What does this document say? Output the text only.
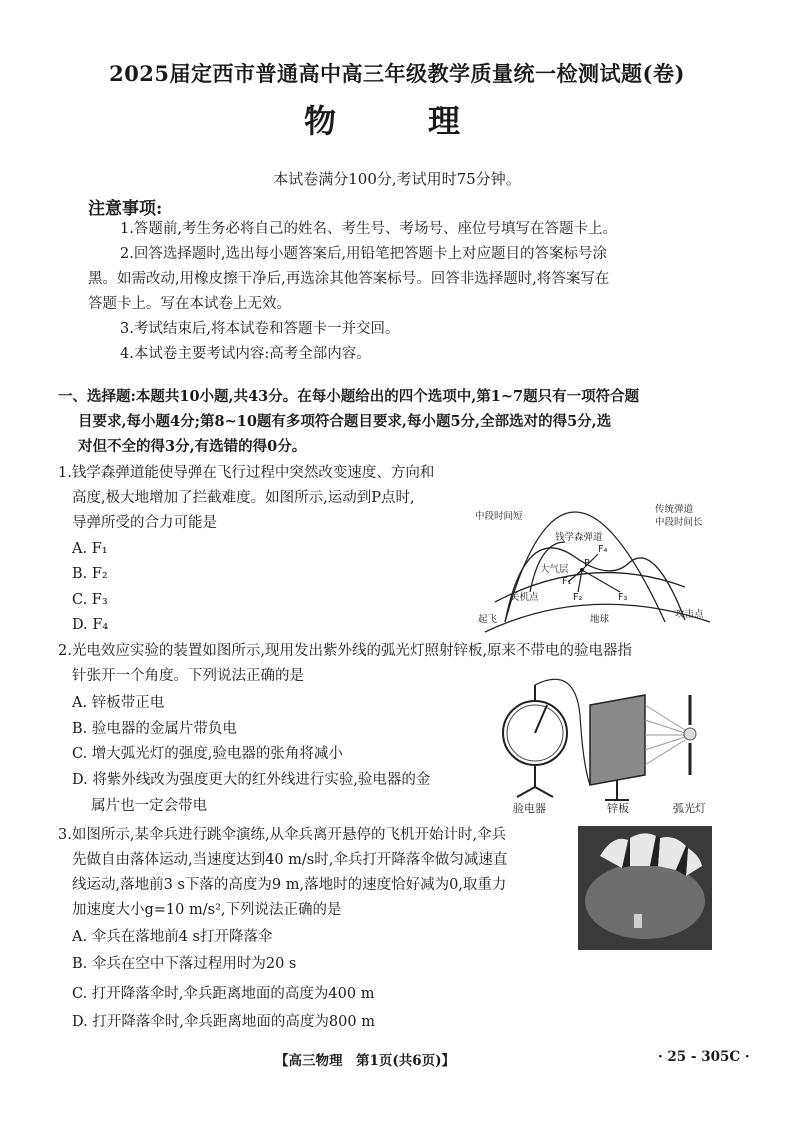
2025届定西市普通高中高三年级教学质量统一检测试题(卷)
物　理
本试卷满分100分,考试用时75分钟。
注意事项:
1.答题前,考生务必将自己的姓名、考生号、考场号、座位号填写在答题卡上。
2.回答选择题时,选出每小题答案后,用铅笔把答题卡上对应题目的答案标号涂
黑。如需改动,用橡皮擦干净后,再选涂其他答案标号。回答非选择题时,将答案写在
答题卡上。写在本试卷上无效。
3.考试结束后,将本试卷和答题卡一并交回。
4.本试卷主要考试内容:高考全部内容。
一、选择题:本题共10小题,共43分。在每小题给出的四个选项中,第1~7题只有一项符合题
目要求,每小题4分;第8~10题有多项符合题目要求,每小题5分,全部选对的得5分,选
对但不全的得3分,有选错的得0分。
1.钱学森弹道能使导弹在飞行过程中突然改变速度、方向和
高度,极大地增加了拦截难度。如图所示,运动到P点时,
导弹所受的合力可能是
A. F₁
B. F₂
C. F₃
D. F₄
中段时间短
传统弹道
中段时间长
钱学森弹道
大气层
起飞
关机点
地球	攻击点
P
F₁
F₂	F₃
F₄
2.光电效应实验的装置如图所示,现用发出紫外线的弧光灯照射锌板,原来不带电的验电器指
针张开一个角度。下列说法正确的是
A. 锌板带正电
B. 验电器的金属片带负电
C. 增大弧光灯的强度,验电器的张角将减小
D. 将紫外线改为强度更大的红外线进行实验,验电器的金
　 属片也一定会带电	验电器	锌板	弧光灯
3.如图所示,某伞兵进行跳伞演练,从伞兵离开悬停的飞机开始计时,伞兵
先做自由落体运动,当速度达到40 m/s时,伞兵打开降落伞做匀减速直
线运动,落地前3 s下落的高度为9 m,落地时的速度恰好减为0,取重力
加速度大小g=10 m/s²,下列说法正确的是
A. 伞兵在落地前4 s打开降落伞
B. 伞兵在空中下落过程用时为20 s
C. 打开降落伞时,伞兵距离地面的高度为400 m
D. 打开降落伞时,伞兵距离地面的高度为800 m
【高三物理　第1页(共6页)】	· 25 - 305C ·
